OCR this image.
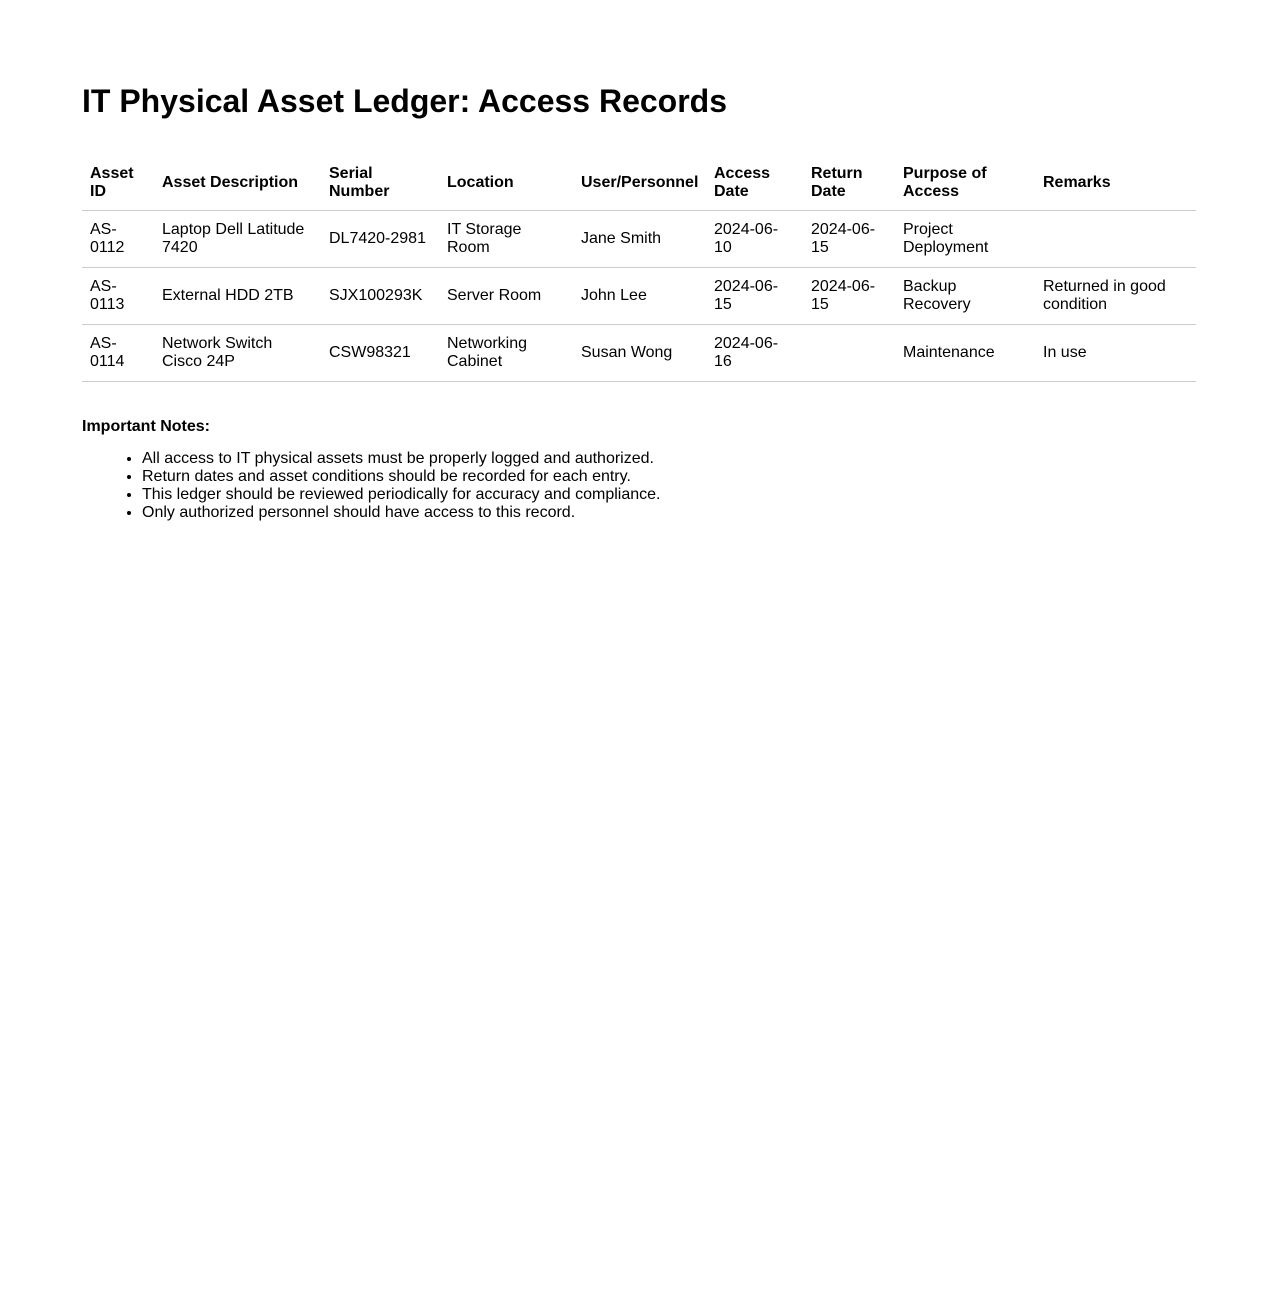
IT Physical Asset Ledger: Access Records
Asset ID	Asset Description	Serial Number	Location	User/Personnel	Access Date	Return Date	Purpose of Access	Remarks
AS-0112	Laptop Dell Latitude 7420	DL7420-2981	IT Storage Room	Jane Smith	2024-06-10	2024-06-15	Project Deployment	
AS-0113	External HDD 2TB	SJX100293K	Server Room	John Lee	2024-06-15	2024-06-15	Backup Recovery	Returned in good condition
AS-0114	Network Switch Cisco 24P	CSW98321	Networking Cabinet	Susan Wong	2024-06-16		Maintenance	In use
Important Notes:
• All access to IT physical assets must be properly logged and authorized.
• Return dates and asset conditions should be recorded for each entry.
• This ledger should be reviewed periodically for accuracy and compliance.
• Only authorized personnel should have access to this record.
